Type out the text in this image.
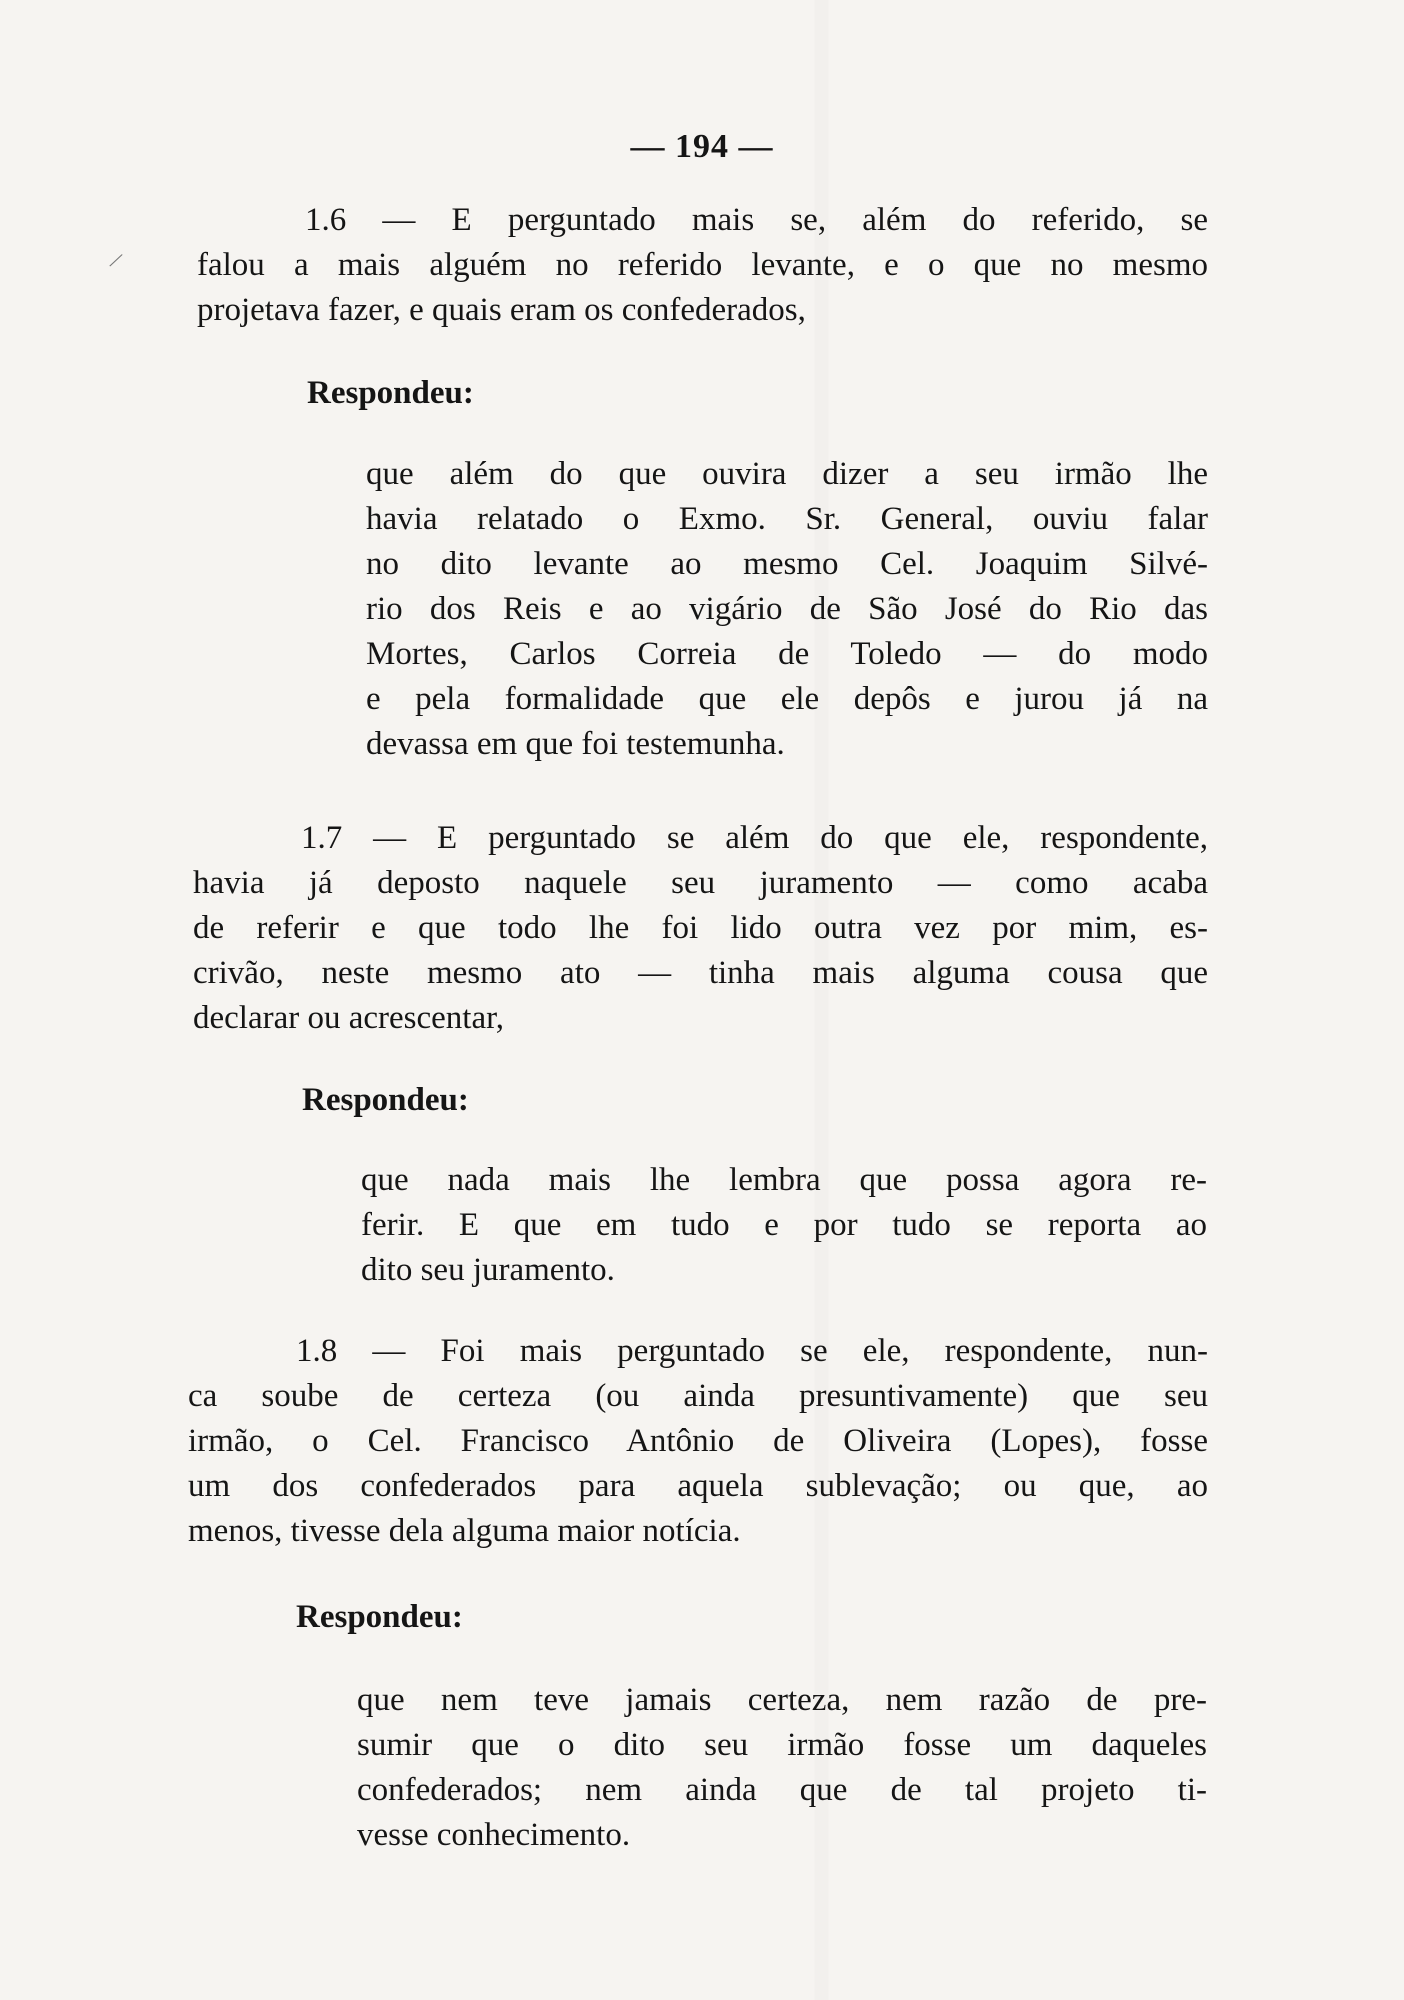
/
— 194 —
1.6 — E perguntado mais se, além do referido, se
falou a mais alguém no referido levante, e o que no mesmo
projetava fazer, e quais eram os confederados,
Respondeu:
que além do que ouvira dizer a seu irmão lhe
havia relatado o Exmo. Sr. General, ouviu falar
no dito levante ao mesmo Cel. Joaquim Silvé-
rio dos Reis e ao vigário de São José do Rio das
Mortes, Carlos Correia de Toledo — do modo
e pela formalidade que ele depôs e jurou já na
devassa em que foi testemunha.
1.7 — E perguntado se além do que ele, respondente,
havia já deposto naquele seu juramento — como acaba
de referir e que todo lhe foi lido outra vez por mim, es-
crivão, neste mesmo ato — tinha mais alguma cousa que
declarar ou acrescentar,
Respondeu:
que nada mais lhe lembra que possa agora re-
ferir. E que em tudo e por tudo se reporta ao
dito seu juramento.
1.8 — Foi mais perguntado se ele, respondente, nun-
ca soube de certeza (ou ainda presuntivamente) que seu
irmão, o Cel. Francisco Antônio de Oliveira (Lopes), fosse
um dos confederados para aquela sublevação; ou que, ao
menos, tivesse dela alguma maior notícia.
Respondeu:
que nem teve jamais certeza, nem razão de pre-
sumir que o dito seu irmão fosse um daqueles
confederados; nem ainda que de tal projeto ti-
vesse conhecimento.
